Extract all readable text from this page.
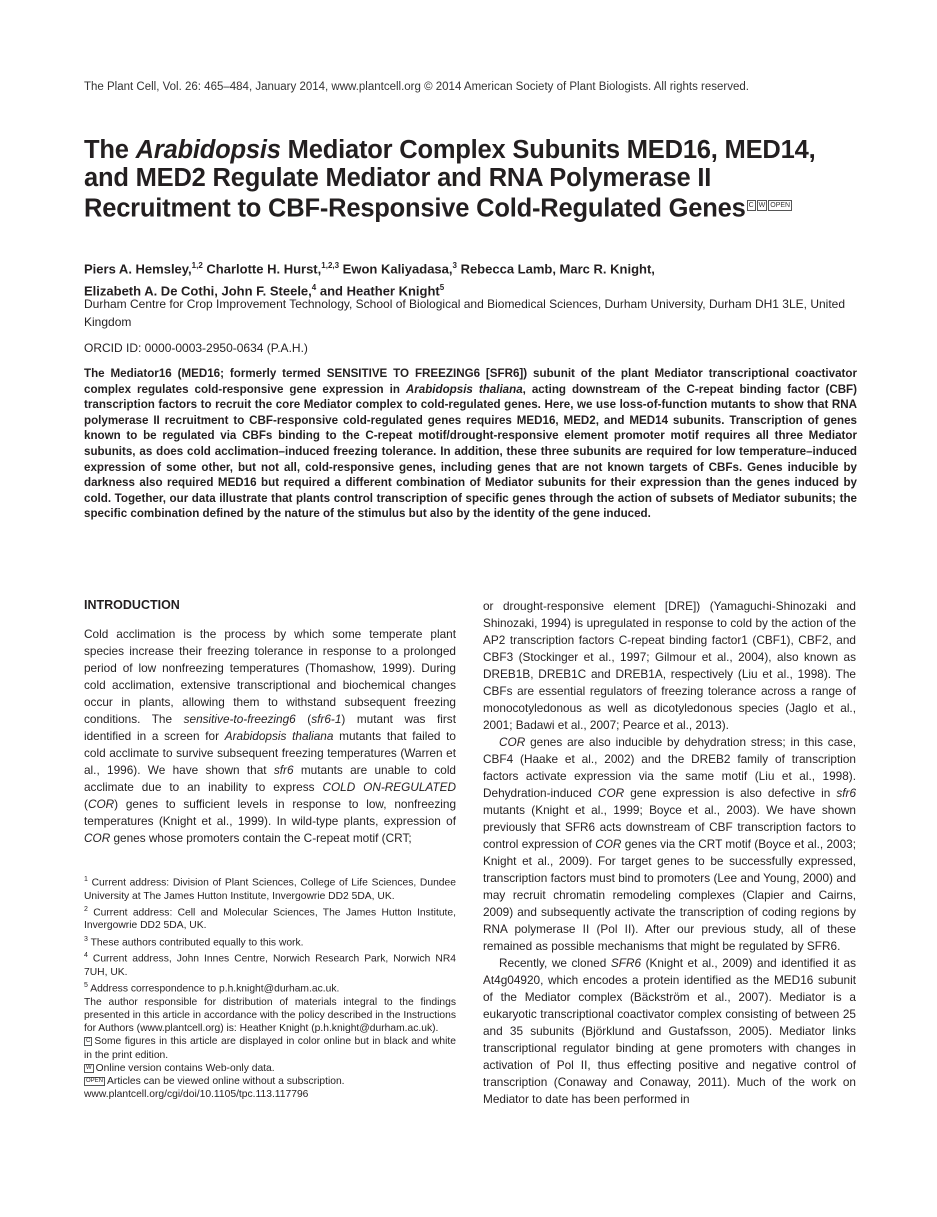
The Plant Cell, Vol. 26: 465–484, January 2014, www.plantcell.org © 2014 American Society of Plant Biologists. All rights reserved.
The Arabidopsis Mediator Complex Subunits MED16, MED14, and MED2 Regulate Mediator and RNA Polymerase II Recruitment to CBF-Responsive Cold-Regulated Genes C W OPEN
Piers A. Hemsley,$^{1,2}$ Charlotte H. Hurst,$^{1,2,3}$ Ewon Kaliyadasa,$^3$ Rebecca Lamb, Marc R. Knight,
Elizabeth A. De Cothi, John F. Steele,$^4$ and Heather Knight$^5$
Durham Centre for Crop Improvement Technology, School of Biological and Biomedical Sciences, Durham University, Durham DH1 3LE, United Kingdom
ORCID ID: 0000-0003-2950-0634 (P.A.H.)
The Mediator16 (MED16; formerly termed SENSITIVE TO FREEZING6 [SFR6]) subunit of the plant Mediator transcriptional coactivator complex regulates cold-responsive gene expression in Arabidopsis thaliana, acting downstream of the C-repeat binding factor (CBF) transcription factors to recruit the core Mediator complex to cold-regulated genes. Here, we use loss-of-function mutants to show that RNA polymerase II recruitment to CBF-responsive cold-regulated genes requires MED16, MED2, and MED14 subunits. Transcription of genes known to be regulated via CBFs binding to the C-repeat motif/drought-responsive element promoter motif requires all three Mediator subunits, as does cold acclimation–induced freezing tolerance. In addition, these three subunits are required for low temperature–induced expression of some other, but not all, cold-responsive genes, including genes that are not known targets of CBFs. Genes inducible by darkness also required MED16 but required a different combination of Mediator subunits for their expression than the genes induced by cold. Together, our data illustrate that plants control transcription of specific genes through the action of subsets of Mediator subunits; the specific combination defined by the nature of the stimulus but also by the identity of the gene induced.
INTRODUCTION

Cold acclimation is the process by which some temperate plant species increase their freezing tolerance in response to a prolonged period of low nonfreezing temperatures (Thomashow, 1999). During cold acclimation, extensive transcriptional and biochemical changes occur in plants, allowing them to withstand subsequent freezing conditions. The sensitive-to-freezing6 (sfr6-1) mutant was first identified in a screen for Arabidopsis thaliana mutants that failed to cold acclimate to survive subsequent freezing temperatures (Warren et al., 1996). We have shown that sfr6 mutants are unable to cold acclimate due to an inability to express COLD ON-REGULATED (COR) genes to sufficient levels in response to low, nonfreezing temperatures (Knight et al., 1999). In wild-type plants, expression of COR genes whose promoters contain the C-repeat motif (CRT;

$^1$ Current address: Division of Plant Sciences, College of Life Sciences, Dundee University at The James Hutton Institute, Invergowrie DD2 5DA, UK.

$^2$ Current address: Cell and Molecular Sciences, The James Hutton Institute, Invergowrie DD2 5DA, UK.

$^3$ These authors contributed equally to this work.

$^4$ Current address, John Innes Centre, Norwich Research Park, Norwich NR4 7UH, UK.

$^5$ Address correspondence to p.h.knight@durham.ac.uk.

The author responsible for distribution of materials integral to the findings presented in this article in accordance with the policy described in the Instructions for Authors (www.plantcell.org) is: Heather Knight (p.h.knight@durham.ac.uk).

C Some figures in this article are displayed in color online but in black and white in the print edition.

W Online version contains Web-only data.

OPEN Articles can be viewed online without a subscription.

www.plantcell.org/cgi/doi/10.1105/tpc.113.117796

or drought-responsive element [DRE]) (Yamaguchi-Shinozaki and Shinozaki, 1994) is upregulated in response to cold by the action of the AP2 transcription factors C-repeat binding factor1 (CBF1), CBF2, and CBF3 (Stockinger et al., 1997; Gilmour et al., 2004), also known as DREB1B, DREB1C and DREB1A, respectively (Liu et al., 1998). The CBFs are essential regulators of freezing tolerance across a range of monocotyledonous as well as dicotyledonous species (Jaglo et al., 2001; Badawi et al., 2007; Pearce et al., 2013).

COR genes are also inducible by dehydration stress; in this case, CBF4 (Haake et al., 2002) and the DREB2 family of transcription factors activate expression via the same motif (Liu et al., 1998). Dehydration-induced COR gene expression is also defective in sfr6 mutants (Knight et al., 1999; Boyce et al., 2003). We have shown previously that SFR6 acts downstream of CBF transcription factors to control expression of COR genes via the CRT motif (Boyce et al., 2003; Knight et al., 2009). For target genes to be successfully expressed, transcription factors must bind to promoters (Lee and Young, 2000) and may recruit chromatin remodeling complexes (Clapier and Cairns, 2009) and subsequently activate the transcription of coding regions by RNA polymerase II (Pol II). After our previous study, all of these remained as possible mechanisms that might be regulated by SFR6.

Recently, we cloned SFR6 (Knight et al., 2009) and identified it as At4g04920, which encodes a protein identified as the MED16 subunit of the Mediator complex (Bäckström et al., 2007). Mediator is a eukaryotic transcriptional coactivator complex consisting of between 25 and 35 subunits (Björklund and Gustafsson, 2005). Mediator links transcriptional regulator binding at gene promoters with changes in activation of Pol II, thus effecting positive and negative control of transcription (Conaway and Conaway, 2011). Much of the work on Mediator to date has been performed in
